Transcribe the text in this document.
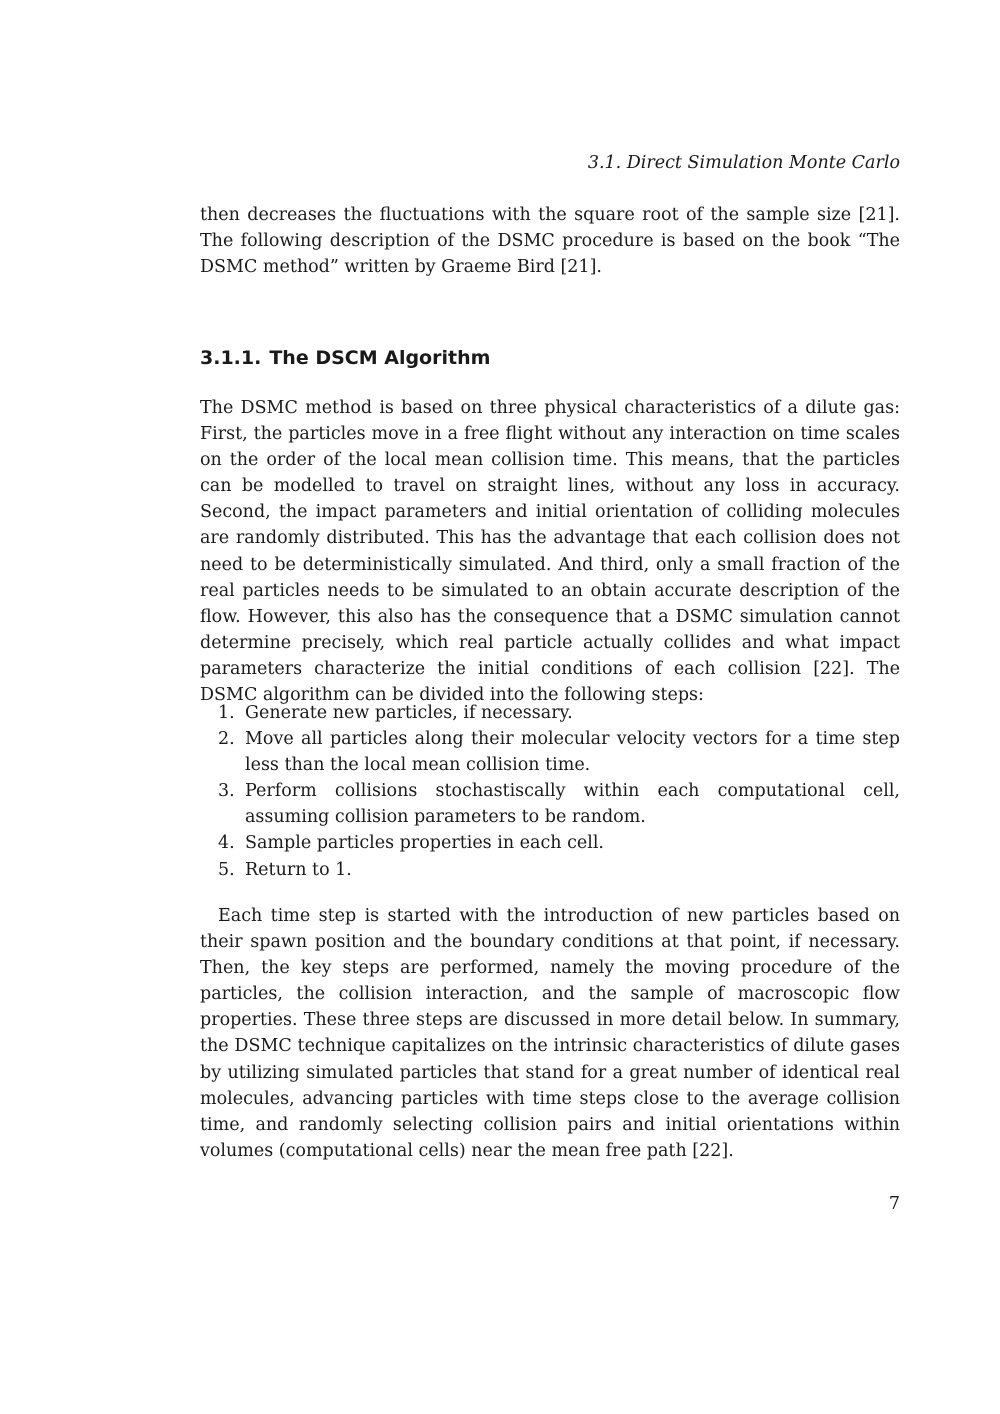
3.1. Direct Simulation Monte Carlo

then decreases the fluctuations with the square root of the sample size [21]. The following description of the DSMC procedure is based on the book “The DSMC method” written by Graeme Bird [21].

3.1.1. The DSCM Algorithm

The DSMC method is based on three physical characteristics of a dilute gas: First, the particles move in a free flight without any interaction on time scales on the order of the local mean collision time. This means, that the particles can be modelled to travel on straight lines, without any loss in accuracy. Second, the impact parameters and initial orientation of colliding molecules are randomly distributed. This has the advantage that each collision does not need to be deterministically simulated. And third, only a small fraction of the real particles needs to be simulated to an obtain accurate description of the flow. However, this also has the consequence that a DSMC simulation cannot determine precisely, which real particle actually collides and what impact parameters characterize the initial conditions of each collision [22]. The DSMC algorithm can be divided into the following steps:

1. Generate new particles, if necessary.
2. Move all particles along their molecular velocity vectors for a time step less than the local mean collision time.
3. Perform collisions stochastiscally within each computational cell, assuming collision parameters to be random.
4. Sample particles properties in each cell.
5. Return to 1.

Each time step is started with the introduction of new particles based on their spawn position and the boundary conditions at that point, if necessary. Then, the key steps are performed, namely the moving procedure of the particles, the collision interaction, and the sample of macroscopic flow properties. These three steps are discussed in more detail below. In summary, the DSMC technique capitalizes on the intrinsic characteristics of dilute gases by utilizing simulated particles that stand for a great number of identical real molecules, advancing particles with time steps close to the average collision time, and randomly selecting collision pairs and initial orientations within volumes (computational cells) near the mean free path [22].

7
